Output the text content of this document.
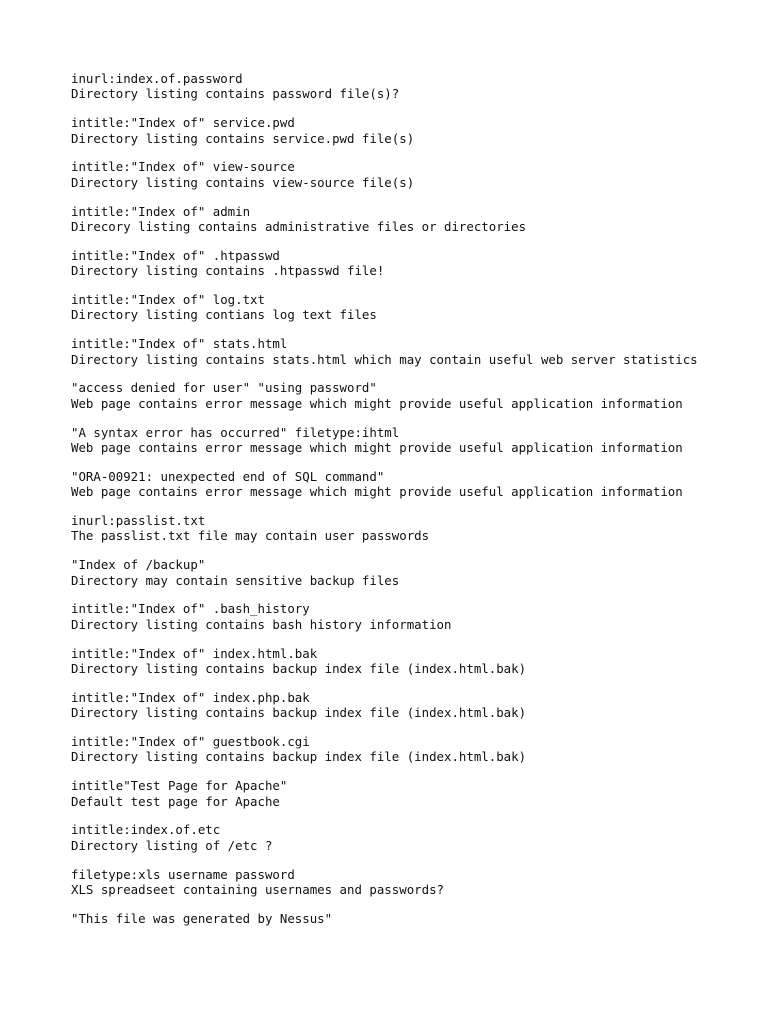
inurl:index.of.password
Directory listing contains password file(s)?
intitle:"Index of" service.pwd
Directory listing contains service.pwd file(s)
intitle:"Index of" view-source
Directory listing contains view-source file(s)
intitle:"Index of" admin
Direcory listing contains administrative files or directories
intitle:"Index of" .htpasswd
Directory listing contains .htpasswd file!
intitle:"Index of" log.txt
Directory listing contians log text files
intitle:"Index of" stats.html
Directory listing contains stats.html which may contain useful web server statistics
"access denied for user" "using password"
Web page contains error message which might provide useful application information
"A syntax error has occurred" filetype:ihtml
Web page contains error message which might provide useful application information
"ORA-00921: unexpected end of SQL command"
Web page contains error message which might provide useful application information
inurl:passlist.txt
The passlist.txt file may contain user passwords
"Index of /backup"
Directory may contain sensitive backup files
intitle:"Index of" .bash_history
Directory listing contains bash history information
intitle:"Index of" index.html.bak
Directory listing contains backup index file (index.html.bak)
intitle:"Index of" index.php.bak
Directory listing contains backup index file (index.html.bak)
intitle:"Index of" guestbook.cgi
Directory listing contains backup index file (index.html.bak)
intitle"Test Page for Apache"
Default test page for Apache
intitle:index.of.etc
Directory listing of /etc ?
filetype:xls username password
XLS spreadseet containing usernames and passwords?
"This file was generated by Nessus"
